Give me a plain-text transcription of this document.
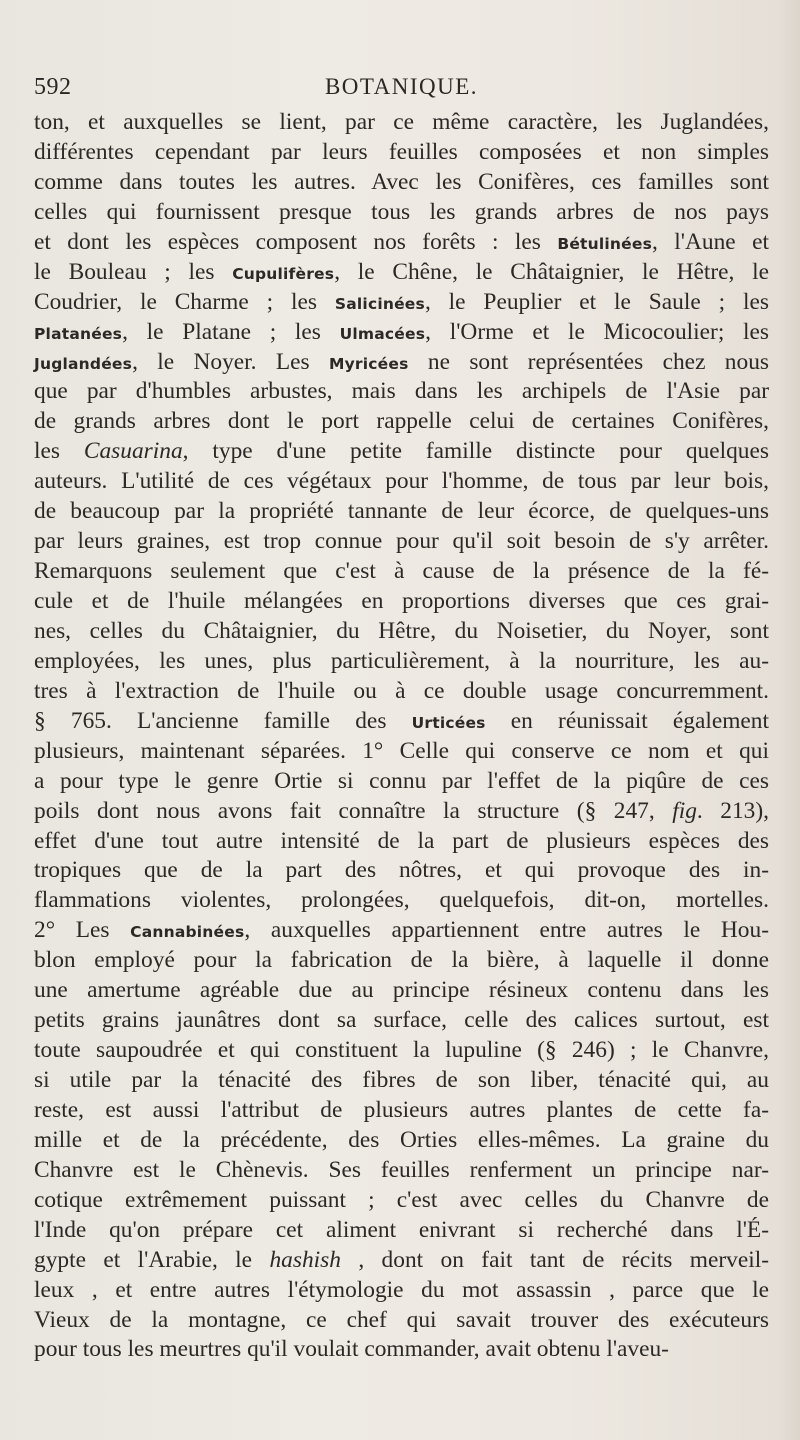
592	BOTANIQUE.
ton, et auxquelles se lient, par ce même caractère, les Juglandées,
différentes cependant par leurs feuilles composées et non simples
comme dans toutes les autres. Avec les Conifères, ces familles sont
celles qui fournissent presque tous les grands arbres de nos pays
et dont les espèces composent nos forêts : les Bétulinées, l'Aune et
le Bouleau ; les Cupulifères, le Chêne, le Châtaignier, le Hêtre, le
Coudrier, le Charme ; les Salicinées, le Peuplier et le Saule ; les
Platanées, le Platane ; les Ulmacées, l'Orme et le Micocoulier; les
Juglandées, le Noyer. Les Myricées ne sont représentées chez nous
que par d'humbles arbustes, mais dans les archipels de l'Asie par
de grands arbres dont le port rappelle celui de certaines Conifères,
les Casuarina, type d'une petite famille distincte pour quelques
auteurs. L'utilité de ces végétaux pour l'homme, de tous par leur bois,
de beaucoup par la propriété tannante de leur écorce, de quelques-uns
par leurs graines, est trop connue pour qu'il soit besoin de s'y arrêter.
Remarquons seulement que c'est à cause de la présence de la fé-
cule et de l'huile mélangées en proportions diverses que ces grai-
nes, celles du Châtaignier, du Hêtre, du Noisetier, du Noyer, sont
employées, les unes, plus particulièrement, à la nourriture, les au-
tres à l'extraction de l'huile ou à ce double usage concurremment.
§ 765. L'ancienne famille des Urticées en réunissait également
plusieurs, maintenant séparées. 1° Celle qui conserve ce nom et qui
a pour type le genre Ortie si connu par l'effet de la piqûre de ces
poils dont nous avons fait connaître la structure (§ 247, fig. 213),
effet d'une tout autre intensité de la part de plusieurs espèces des
tropiques que de la part des nôtres, et qui provoque des in-
flammations violentes, prolongées, quelquefois, dit-on, mortelles.
2° Les Cannabinées, auxquelles appartiennent entre autres le Hou-
blon employé pour la fabrication de la bière, à laquelle il donne
une amertume agréable due au principe résineux contenu dans les
petits grains jaunâtres dont sa surface, celle des calices surtout, est
toute saupoudrée et qui constituent la lupuline (§ 246) ; le Chanvre,
si utile par la ténacité des fibres de son liber, ténacité qui, au
reste, est aussi l'attribut de plusieurs autres plantes de cette fa-
mille et de la précédente, des Orties elles-mêmes. La graine du
Chanvre est le Chènevis. Ses feuilles renferment un principe nar-
cotique extrêmement puissant ; c'est avec celles du Chanvre de
l'Inde qu'on prépare cet aliment enivrant si recherché dans l'É-
gypte et l'Arabie, le hashish , dont on fait tant de récits merveil-
leux , et entre autres l'étymologie du mot assassin , parce que le
Vieux de la montagne, ce chef qui savait trouver des exécuteurs
pour tous les meurtres qu'il voulait commander, avait obtenu l'aveu-
